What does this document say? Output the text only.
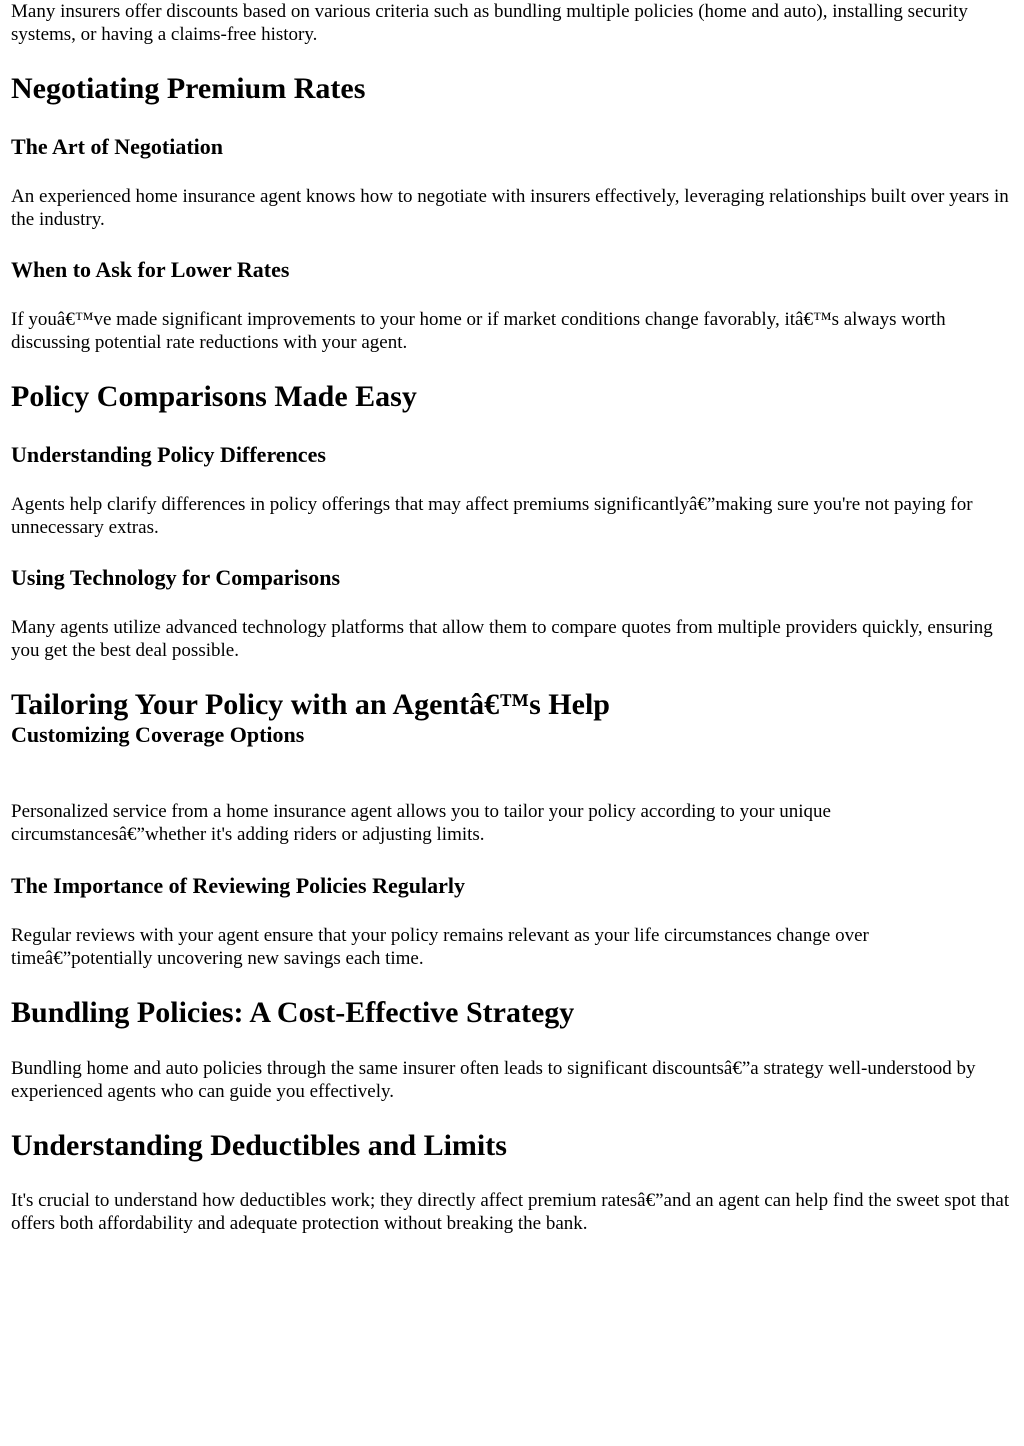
Many insurers offer discounts based on various criteria such as bundling multiple policies (home and auto), installing security systems, or having a claims-free history.

Negotiating Premium Rates
The Art of Negotiation

An experienced home insurance agent knows how to negotiate with insurers effectively, leveraging relationships built over years in the industry.

When to Ask for Lower Rates

If youâ€™ve made significant improvements to your home or if market conditions change favorably, itâ€™s always worth discussing potential rate reductions with your agent.

Policy Comparisons Made Easy
Understanding Policy Differences

Agents help clarify differences in policy offerings that may affect premiums significantlyâ€”making sure you're not paying for unnecessary extras.

Using Technology for Comparisons

Many agents utilize advanced technology platforms that allow them to compare quotes from multiple providers quickly, ensuring you get the best deal possible.

Tailoring Your Policy with an Agentâ€™s Help
Customizing Coverage Options

Personalized service from a home insurance agent allows you to tailor your policy according to your unique circumstancesâ€”whether it's adding riders or adjusting limits.

The Importance of Reviewing Policies Regularly

Regular reviews with your agent ensure that your policy remains relevant as your life circumstances change over timeâ€”potentially uncovering new savings each time.

Bundling Policies: A Cost-Effective Strategy

Bundling home and auto policies through the same insurer often leads to significant discountsâ€”a strategy well-understood by experienced agents who can guide you effectively.

Understanding Deductibles and Limits

It's crucial to understand how deductibles work; they directly affect premium ratesâ€”and an agent can help find the sweet spot that offers both affordability and adequate protection without breaking the bank.
